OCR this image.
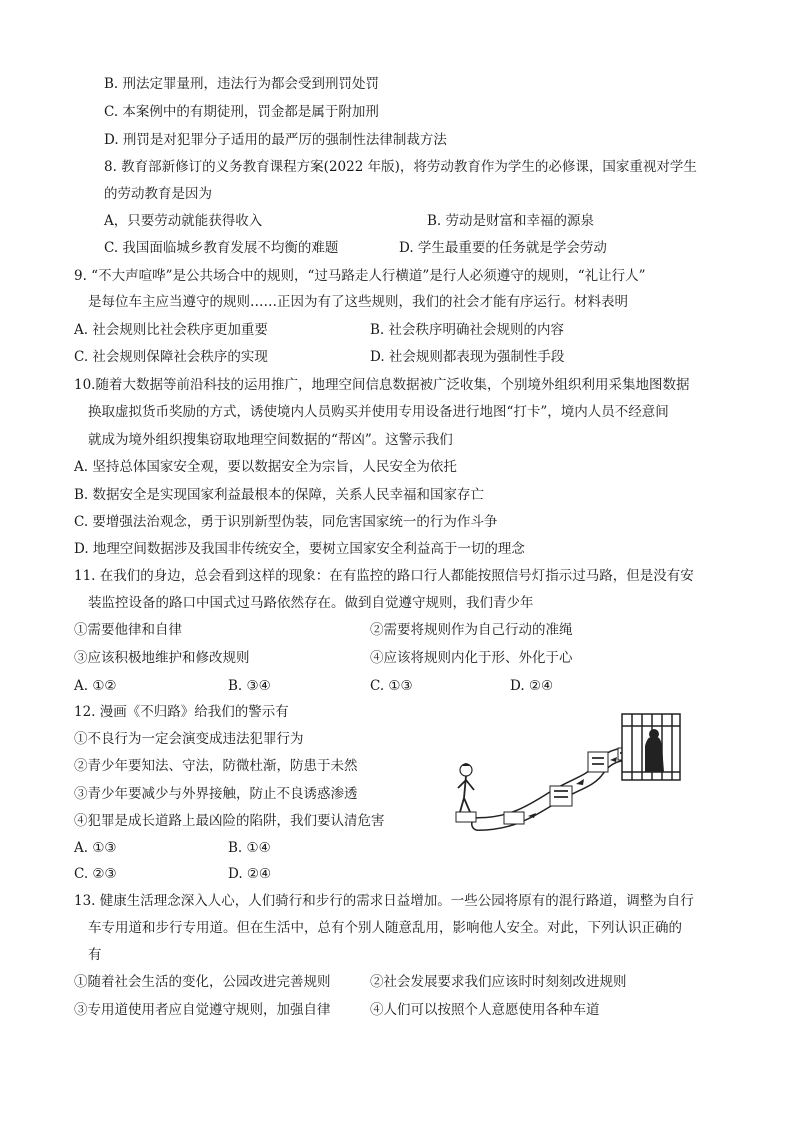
B. 刑法定罪量刑，违法行为都会受到刑罚处罚
C. 本案例中的有期徒刑，罚金都是属于附加刑
D. 刑罚是对犯罪分子适用的最严厉的强制性法律制裁方法
8. 教育部新修订的义务教育课程方案(2022 年版)，将劳动教育作为学生的必修课，国家重视对学生
的劳动教育是因为
A，只要劳动就能获得收入	B. 劳动是财富和幸福的源泉
C. 我国面临城乡教育发展不均衡的难题	D. 学生最重要的任务就是学会劳动
9. “不大声喧哗”是公共场合中的规则，“过马路走人行横道”是行人必须遵守的规则，“礼让行人”
是每位车主应当遵守的规则……正因为有了这些规则，我们的社会才能有序运行。材料表明
A. 社会规则比社会秩序更加重要	B. 社会秩序明确社会规则的内容
C. 社会规则保障社会秩序的实现	D. 社会规则都表现为强制性手段
10.随着大数据等前沿科技的运用推广，地理空间信息数据被广泛收集，个别境外组织利用采集地图数据
换取虚拟货币奖励的方式，诱使境内人员购买并使用专用设备进行地图“打卡”，境内人员不经意间
就成为境外组织搜集窃取地理空间数据的“帮凶”。这警示我们
A. 坚持总体国家安全观，要以数据安全为宗旨，人民安全为依托
B. 数据安全是实现国家利益最根本的保障，关系人民幸福和国家存亡
C. 要增强法治观念，勇于识别新型伪装，同危害国家统一的行为作斗争
D. 地理空间数据涉及我国非传统安全，要树立国家安全利益高于一切的理念
11. 在我们的身边，总会看到这样的现象：在有监控的路口行人都能按照信号灯指示过马路，但是没有安
装监控设备的路口中国式过马路依然存在。做到自觉遵守规则，我们青少年
①需要他律和自律	②需要将规则作为自己行动的准绳
③应该积极地维护和修改规则	④应该将规则内化于形、外化于心
A. ①②	B. ③④	C. ①③	D. ②④
12. 漫画《不归路》给我们的警示有
①不良行为一定会演变成违法犯罪行为
②青少年要知法、守法，防微杜渐，防患于未然
③青少年要减少与外界接触，防止不良诱惑渗透
④犯罪是成长道路上最凶险的陷阱，我们要认清危害
A. ①③	B. ①④
C. ②③	D. ②④
13. 健康生活理念深入人心，人们骑行和步行的需求日益增加。一些公园将原有的混行路道，调整为自行
车专用道和步行专用道。但在生活中，总有个别人随意乱用，影响他人安全。对此，下列认识正确的
有
①随着社会生活的变化，公园改进完善规则	②社会发展要求我们应该时时刻刻改进规则
③专用道使用者应自觉遵守规则，加强自律	④人们可以按照个人意愿使用各种车道
